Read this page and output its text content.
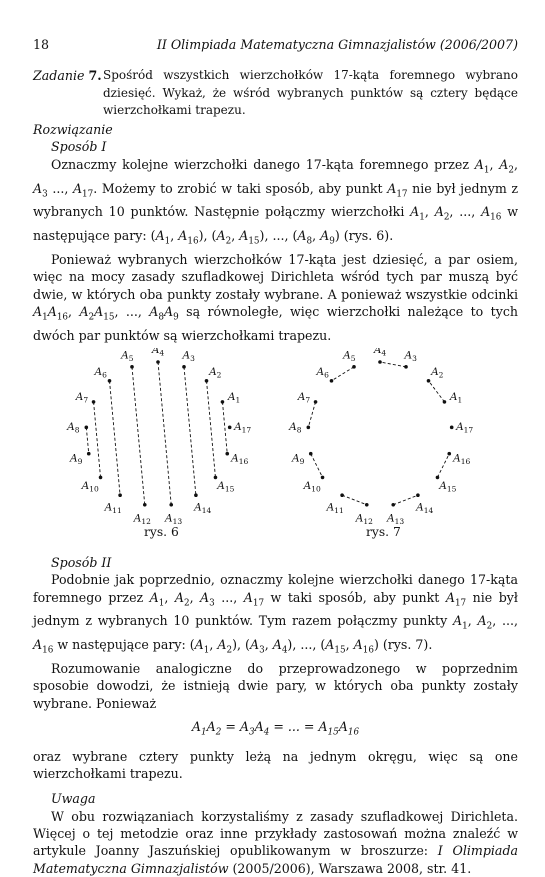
18	II Olimpiada Matematyczna Gimnazjalistów (2006/2007)
Zadanie 7. Spośród wszystkich wierzchołków 17-kąta foremnego wybrano dziesięć. Wykaż, że wśród wybranych punktów są cztery będące wierzchołkami trapezu.
Rozwiązanie
Sposób I

Oznaczmy kolejne wierzchołki danego 17-kąta foremnego przez $A_1$, $A_2$, $A_3$ ..., $A_{17}$. Możemy to zrobić w taki sposób, aby punkt $A_{17}$ nie był jednym z wybranych 10 punktów. Następnie połączmy wierzchołki $A_1$, $A_2$, ..., $A_{16}$ w następujące pary: ($A_1$, $A_{16}$), ($A_2$, $A_{15}$), ..., ($A_8$, $A_9$) (rys. 6).

Ponieważ wybranych wierzchołków 17-kąta jest dziesięć, a par osiem, więc na mocy zasady szufladkowej Dirichleta wśród tych par muszą być dwie, w których oba punkty zostały wybrane. A ponieważ wszystkie odcinki $A_1A_{16}$, $A_2A_{15}$, ..., $A_8A_9$ są równoległe, więc wierzchołki należące to tych dwóch par punktów są wierzchołkami trapezu.

$A_1$
$A_2$
$A_3$
$A_4$
$A_5$
$A_6$
$A_7$
$A_8$
$A_9$
$A_{10}$
$A_{11}$
$A_{12}$ $A_{13}$
$A_{14}$
$A_{15}$
$A_{16}$
$A_{17}$
$A_1$
$A_2$
$A_3$
$A_4$
$A_5$
$A_6$
$A_7$
$A_8$
$A_9$
$A_{10}$
$A_{11}$
$A_{12}$ $A_{13}$
$A_{14}$
$A_{15}$
$A_{16}$
$A_{17}$
rys. 6	rys. 7
Sposób II

Podobnie jak poprzednio, oznaczmy kolejne wierzchołki danego 17-kąta foremnego przez $A_1$, $A_2$, $A_3$ ..., $A_{17}$ w taki sposób, aby punkt $A_{17}$ nie był jednym z wybranych 10 punktów. Tym razem połączmy punkty $A_1$, $A_2$, ..., $A_{16}$ w następujące pary: ($A_1$, $A_2$), ($A_3$, $A_4$), ..., ($A_{15}$, $A_{16}$) (rys. 7).

Rozumowanie analogiczne do przeprowadzonego w poprzednim sposobie dowodzi, że istnieją dwie pary, w których oba punkty zostały wybrane. Ponieważ

$A_1A_2 = A_3A_4$ = ... = $A_{15}A_{16}$

oraz wybrane cztery punkty leżą na jednym okręgu, więc są one wierzchołkami trapezu.

Uwaga

W obu rozwiązaniach korzystaliśmy z zasady szufladkowej Dirichleta. Więcej o tej metodzie oraz inne przykłady zastosowań można znaleźć w artykule Joanny Jaszuńskiej opublikowanym w broszurze: I Olimpiada Matematyczna Gimnazjalistów (2005/2006), Warszawa 2008, str. 41.
